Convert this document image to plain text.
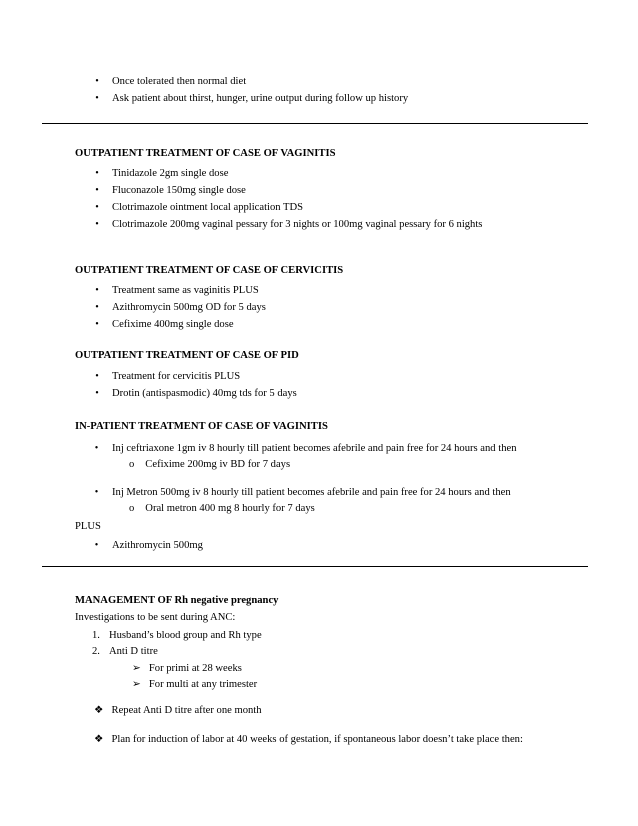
•	Once tolerated then normal diet
•	Ask patient about thirst, hunger, urine output during follow up history
OUTPATIENT TREATMENT OF CASE OF VAGINITIS
•	Tinidazole 2gm single dose
•	Fluconazole 150mg single dose
•	Clotrimazole ointment local application TDS
•	Clotrimazole 200mg vaginal pessary for 3 nights or 100mg vaginal pessary for 6 nights
OUTPATIENT TREATMENT OF CASE OF CERVICITIS
•	Treatment same as vaginitis PLUS
•	Azithromycin 500mg OD for 5 days
•	Cefixime 400mg single dose
OUTPATIENT TREATMENT OF CASE OF PID
•	Treatment for cervicitis PLUS
•	Drotin (antispasmodic) 40mg tds for 5 days
IN-PATIENT TREATMENT OF CASE OF VAGINITIS
• Inj ceftriaxone 1gm iv 8 hourly till patient becomes afebrile and pain free for 24 hours and then
o Cefixime 200mg iv BD for 7 days
• Inj Metron 500mg iv 8 hourly till patient becomes afebrile and pain free for 24 hours and then
o Oral metron 400 mg 8 hourly for 7 days
PLUS
• Azithromycin 500mg
MANAGEMENT OF Rh negative pregnancy
Investigations to be sent during ANC:
1. Husband’s blood group and Rh type
2. Anti D titre
➢ For primi at 28 weeks
➢ For multi at any trimester
❖ Repeat Anti D titre after one month
❖ Plan for induction of labor at 40 weeks of gestation, if spontaneous labor doesn’t take place then:
